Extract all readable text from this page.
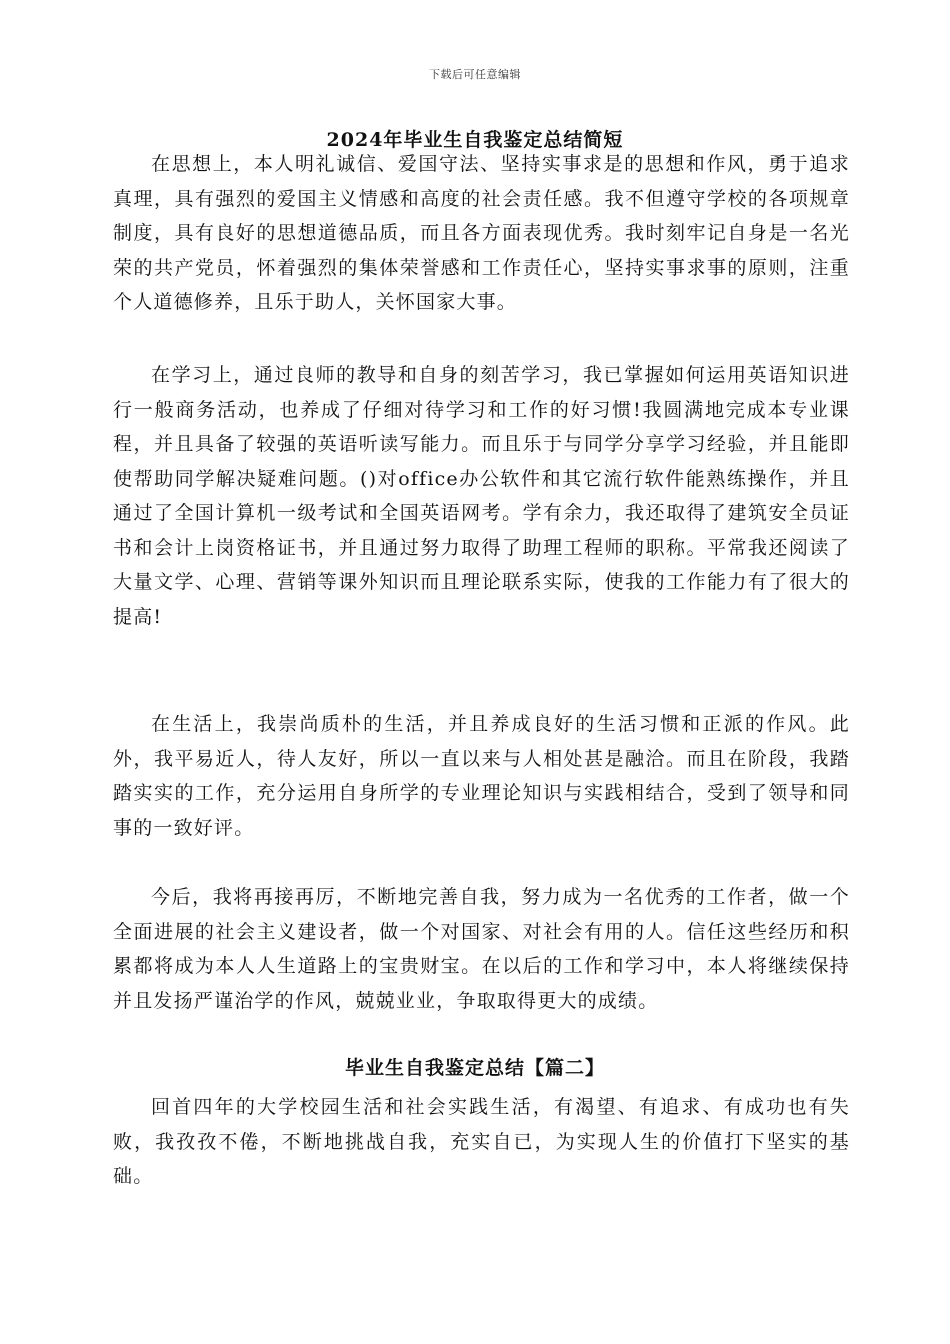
下载后可任意编辑
2024年毕业生自我鉴定总结简短
在思想上，本人明礼诚信、爱国守法、坚持实事求是的思想和作风，勇于追求真理，具有强烈的爱国主义情感和高度的社会责任感。我不但遵守学校的各项规章制度，具有良好的思想道德品质，而且各方面表现优秀。我时刻牢记自身是一名光荣的共产党员，怀着强烈的集体荣誉感和工作责任心，坚持实事求事的原则，注重个人道德修养，且乐于助人，关怀国家大事。
在学习上，通过良师的教导和自身的刻苦学习，我已掌握如何运用英语知识进行一般商务活动，也养成了仔细对待学习和工作的好习惯!我圆满地完成本专业课程，并且具备了较强的英语听读写能力。而且乐于与同学分享学习经验，并且能即使帮助同学解决疑难问题。()对office办公软件和其它流行软件能熟练操作，并且通过了全国计算机一级考试和全国英语网考。学有余力，我还取得了建筑安全员证书和会计上岗资格证书，并且通过努力取得了助理工程师的职称。平常我还阅读了大量文学、心理、营销等课外知识而且理论联系实际，使我的工作能力有了很大的提高!
在生活上，我崇尚质朴的生活，并且养成良好的生活习惯和正派的作风。此外，我平易近人，待人友好，所以一直以来与人相处甚是融洽。而且在阶段，我踏踏实实的工作，充分运用自身所学的专业理论知识与实践相结合，受到了领导和同事的一致好评。
今后，我将再接再厉，不断地完善自我，努力成为一名优秀的工作者，做一个全面进展的社会主义建设者，做一个对国家、对社会有用的人。信任这些经历和积累都将成为本人人生道路上的宝贵财宝。在以后的工作和学习中，本人将继续保持并且发扬严谨治学的作风，兢兢业业，争取取得更大的成绩。
毕业生自我鉴定总结【篇二】
回首四年的大学校园生活和社会实践生活，有渴望、有追求、有成功也有失败，我孜孜不倦，不断地挑战自我，充实自已，为实现人生的价值打下坚实的基础。
